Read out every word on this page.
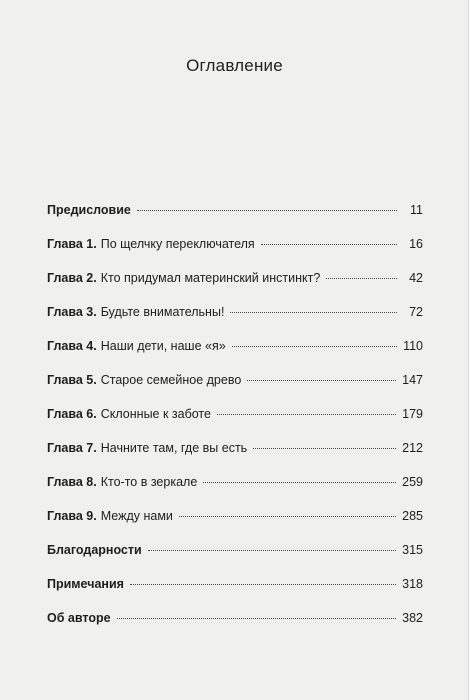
Оглавление
Предисловие	11
Глава 1. По щелчку переключателя	16
Глава 2. Кто придумал материнский инстинкт?	42
Глава 3. Будьте внимательны!	72
Глава 4. Наши дети, наше «я»	110
Глава 5. Старое семейное древо	147
Глава 6. Склонные к заботе	179
Глава 7. Начните там, где вы есть	212
Глава 8. Кто-то в зеркале	259
Глава 9. Между нами	285
Благодарности	315
Примечания	318
Об авторе	382
